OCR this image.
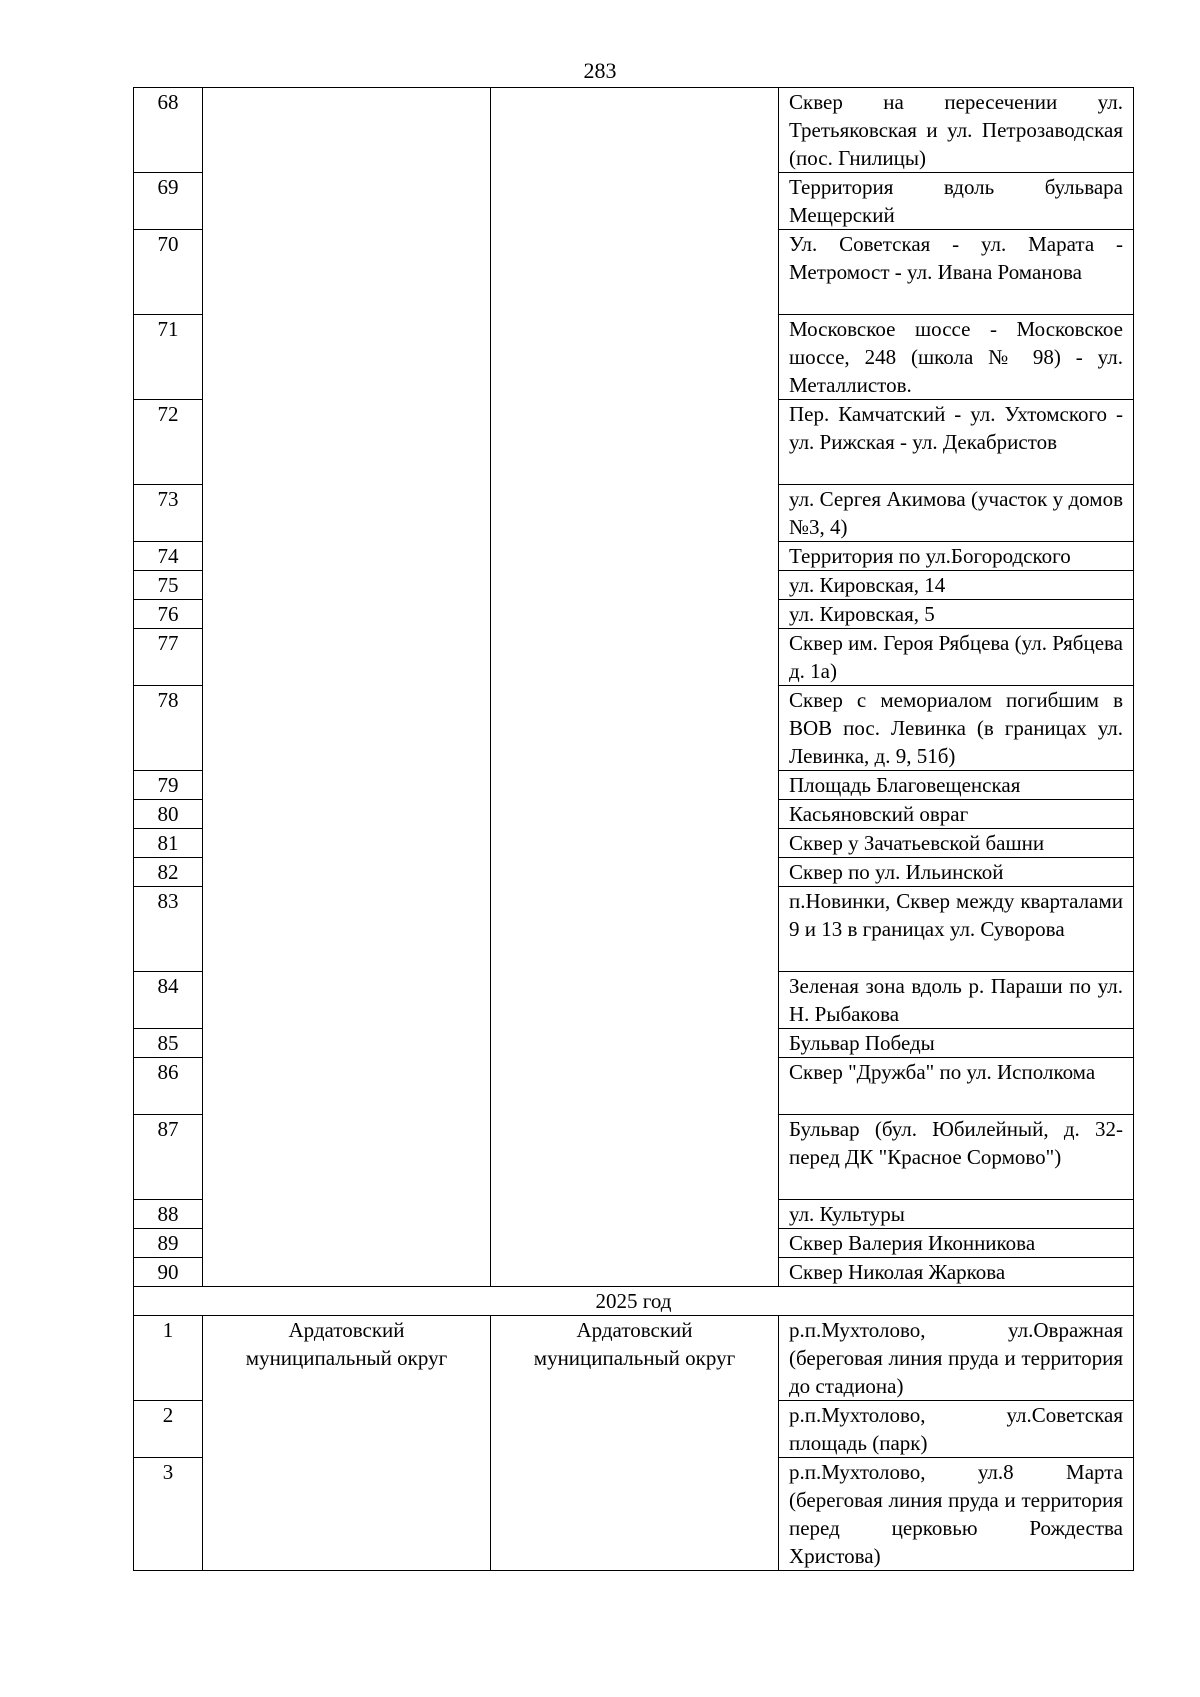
283
68			Сквер на пересечении ул. Третьяковская и ул. Петрозаводская (пос. Гнилицы)
69			Территория вдоль бульвара Мещерский
70			Ул. Советская - ул. Марата - Метромост - ул. Ивана Романова
71			Московское шоссе - Московское шоссе, 248 (школа № 98) - ул. Металлистов.
72			Пер. Камчатский - ул. Ухтомского - ул. Рижская - ул. Декабристов
73			ул. Сергея Акимова (участок у домов №3, 4)
74			Территория по ул.Богородского
75			ул. Кировская, 14
76			ул. Кировская, 5
77			Сквер им. Героя Рябцева (ул. Рябцева д. 1а)
78			Сквер с мемориалом погибшим в ВОВ пос. Левинка (в границах ул. Левинка, д. 9, 51б)
79			Площадь Благовещенская
80			Касьяновский овраг
81			Сквер у Зачатьевской башни
82			Сквер по ул. Ильинской
83			п.Новинки, Сквер между кварталами 9 и 13 в границах ул. Суворова
84			Зеленая зона вдоль р. Параши по ул. Н. Рыбакова
85			Бульвар Победы
86			Сквер "Дружба" по ул. Исполкома
87			Бульвар (бул. Юбилейный, д. 32- перед ДК "Красное Сормово")
88			ул. Культуры
89			Сквер Валерия Иконникова
90			Сквер Николая Жаркова
2025 год			
1	Ардатовский муниципальный округ	Ардатовский муниципальный округ	р.п.Мухтолово, ул.Овражная (береговая линия пруда и территория до стадиона)
2			р.п.Мухтолово, ул.Советская площадь (парк)
3			р.п.Мухтолово, ул.8 Марта (береговая линия пруда и территория перед церковью Рождества Христова)
